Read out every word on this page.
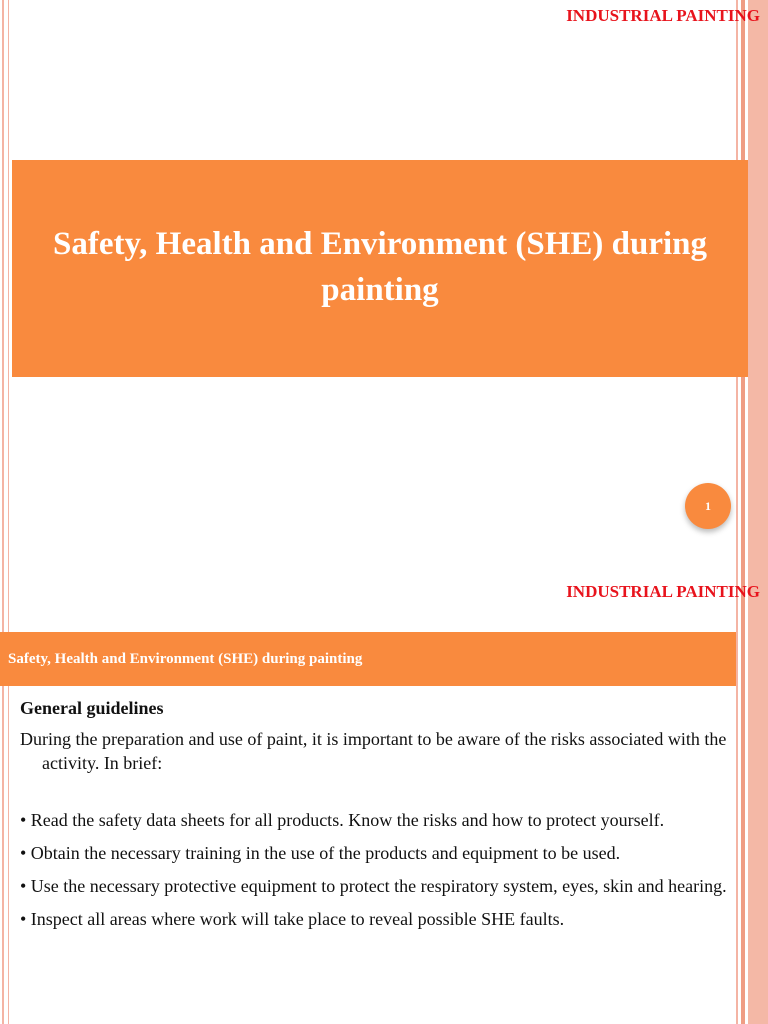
INDUSTRIAL PAINTING
Safety, Health and Environment (SHE) during painting
1
INDUSTRIAL PAINTING
Safety, Health and Environment (SHE) during painting

General guidelines

During the preparation and use of paint, it is important to be aware of the risks associated with the activity. In brief:

• Read the safety data sheets for all products. Know the risks and how to protect yourself.

• Obtain the necessary training in the use of the products and equipment to be used.

• Use the necessary protective equipment to protect the respiratory system, eyes, skin and hearing.

• Inspect all areas where work will take place to reveal possible SHE faults.
